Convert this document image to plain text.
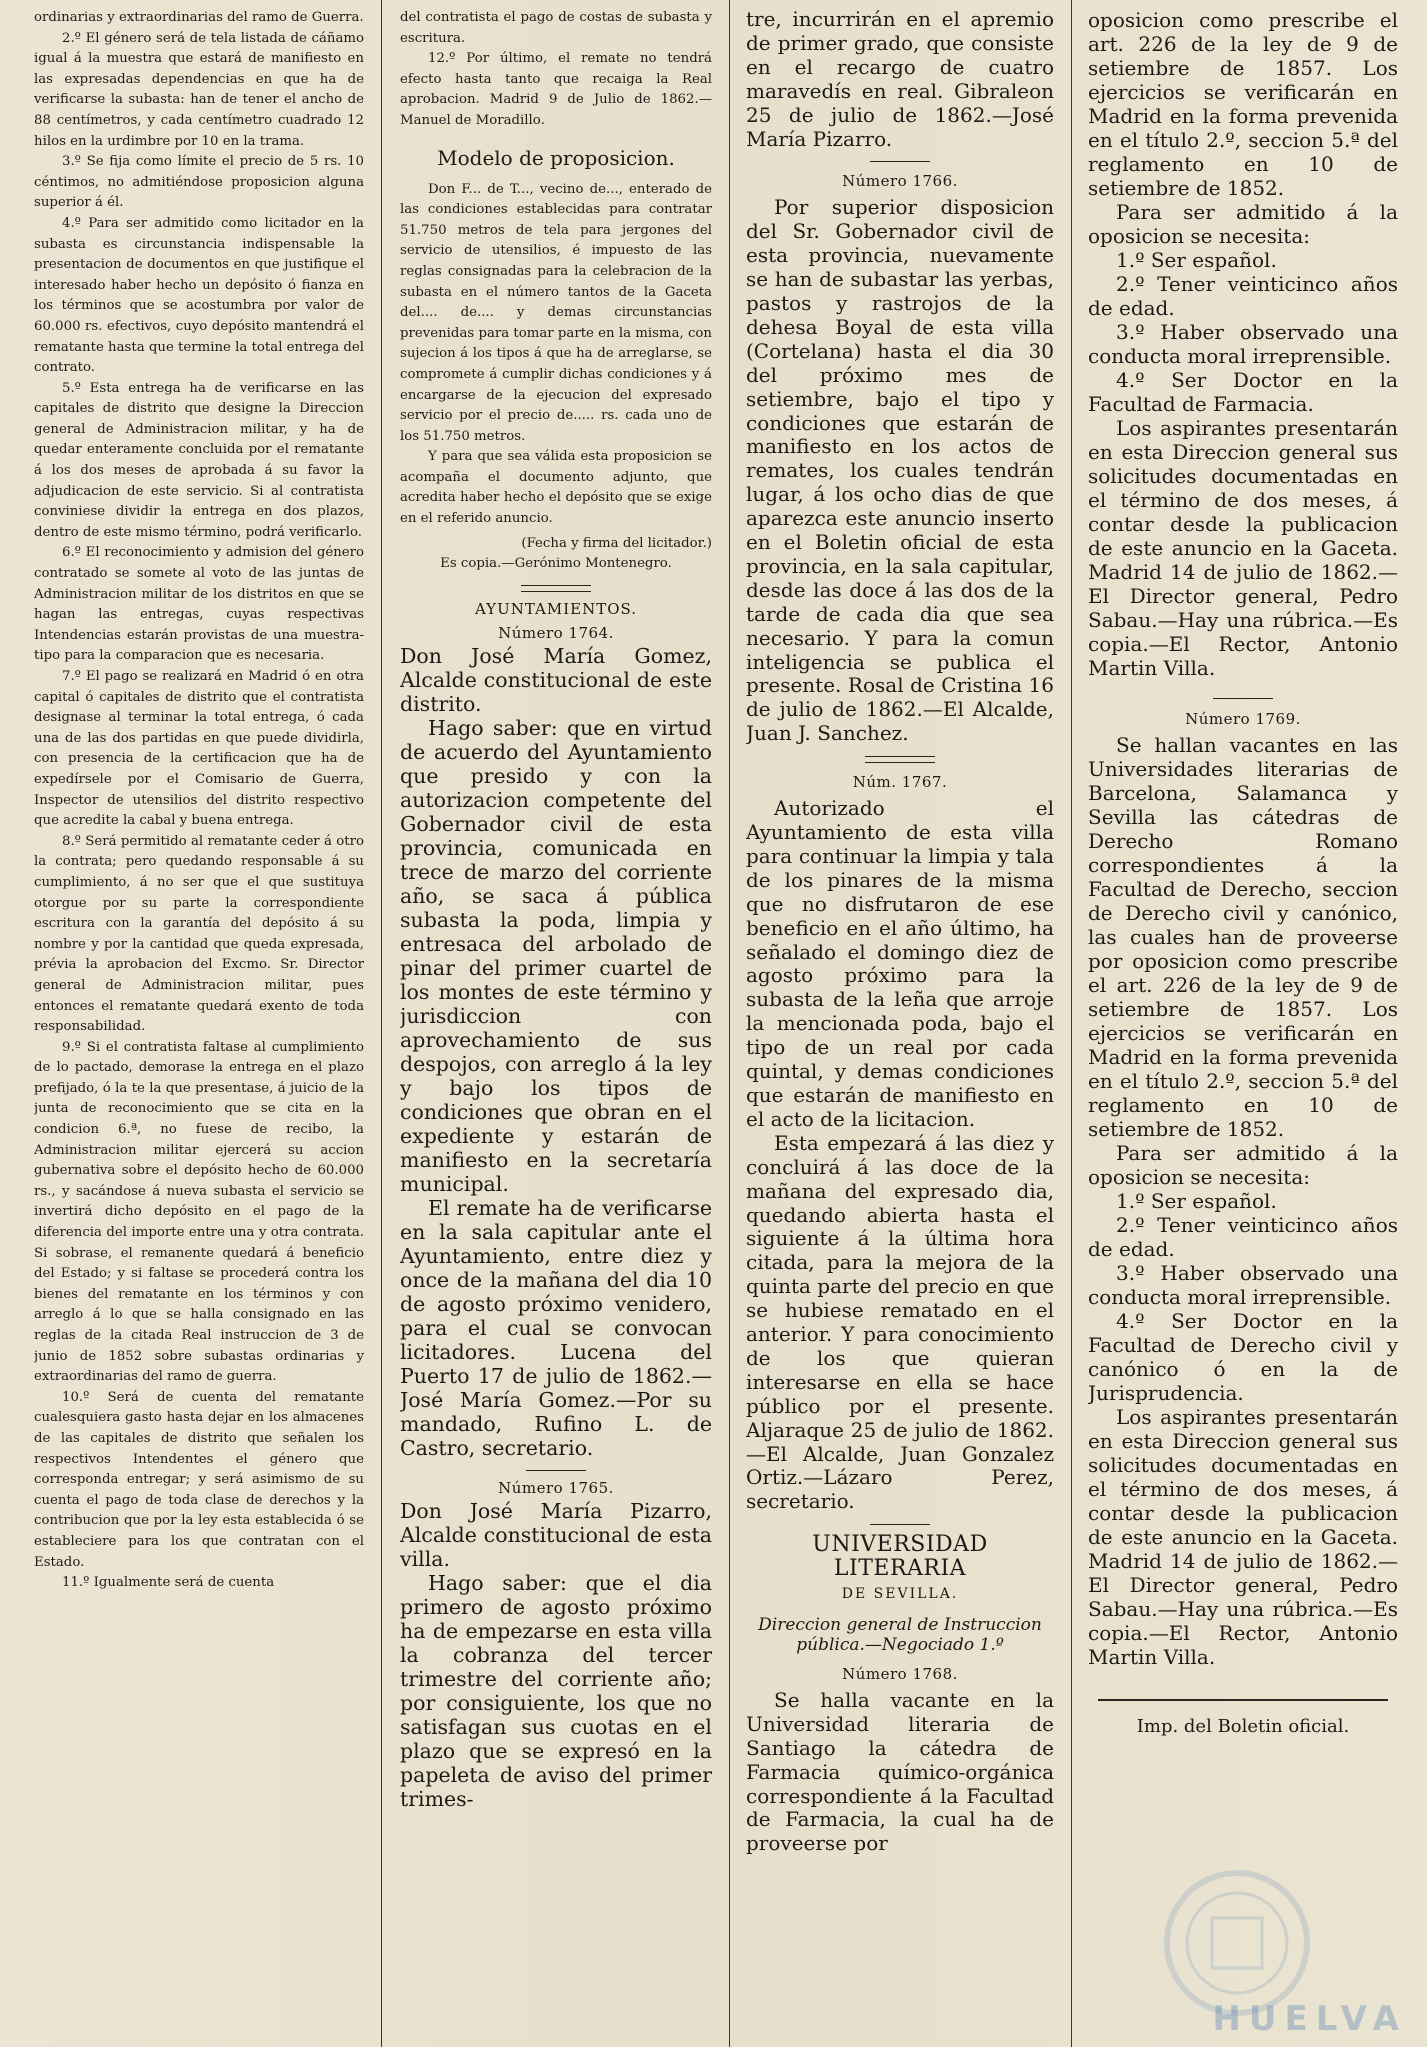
ordinarias y extraordinarias del ramo de Guerra.

2.º El género será de tela listada de cáñamo igual á la muestra que estará de manifiesto en las expresadas dependencias en que ha de verificarse la subasta: han de tener el ancho de 88 centímetros, y cada centímetro cuadrado 12 hilos en la urdimbre por 10 en la trama.

3.º Se fija como límite el precio de 5 rs. 10 céntimos, no admitiéndose proposicion alguna superior á él.

4.º Para ser admitido como licitador en la subasta es circunstancia indispensable la presentacion de documentos en que justifique el interesado haber hecho un depósito ó fianza en los términos que se acostumbra por valor de 60.000 rs. efectivos, cuyo depósito mantendrá el rematante hasta que termine la total entrega del contrato.

5.º Esta entrega ha de verificarse en las capitales de distrito que designe la Direccion general de Administracion militar, y ha de quedar enteramente concluida por el rematante á los dos meses de aprobada á su favor la adjudicacion de este servicio. Si al contratista conviniese dividir la entrega en dos plazos, dentro de este mismo término, podrá verificarlo.

6.º El reconocimiento y admision del género contratado se somete al voto de las juntas de Administracion militar de los distritos en que se hagan las entregas, cuyas respectivas Intendencias estarán provistas de una muestra-tipo para la comparacion que es necesaria.

7.º El pago se realizará en Madrid ó en otra capital ó capitales de distrito que el contratista designase al terminar la total entrega, ó cada una de las dos partidas en que puede dividirla, con presencia de la certificacion que ha de expedírsele por el Comisario de Guerra, Inspector de utensilios del distrito respectivo que acredite la cabal y buena entrega.

8.º Será permitido al rematante ceder á otro la contrata; pero quedando responsable á su cumplimiento, á no ser que el que sustituya otorgue por su parte la correspondiente escritura con la garantía del depósito á su nombre y por la cantidad que queda expresada, prévia la aprobacion del Excmo. Sr. Director general de Administracion militar, pues entonces el rematante quedará exento de toda responsabilidad.

9.º Si el contratista faltase al cumplimiento de lo pactado, demorase la entrega en el plazo prefijado, ó la te la que presentase, á juicio de la junta de reconocimiento que se cita en la condicion 6.ª, no fuese de recibo, la Administracion militar ejercerá su accion gubernativa sobre el depósito hecho de 60.000 rs., y sacándose á nueva subasta el servicio se invertirá dicho depósito en el pago de la diferencia del importe entre una y otra contrata. Si sobrase, el remanente quedará á beneficio del Estado; y si faltase se procederá contra los bienes del rematante en los términos y con arreglo á lo que se halla consignado en las reglas de la citada Real instruccion de 3 de junio de 1852 sobre subastas ordinarias y extraordinarias del ramo de guerra.

10.º Será de cuenta del rematante cualesquiera gasto hasta dejar en los almacenes de las capitales de distrito que señalen los respectivos Intendentes el género que corresponda entregar; y será asimismo de su cuenta el pago de toda clase de derechos y la contribucion que por la ley esta establecida ó se estableciere para los que contratan con el Estado.

11.º Igualmente será de cuenta

del contratista el pago de costas de subasta y escritura.

12.º Por último, el remate no tendrá efecto hasta tanto que recaiga la Real aprobacion. Madrid 9 de Julio de 1862.—Manuel de Moradillo.

Modelo de proposicion.

Don F... de T..., vecino de..., enterado de las condiciones establecidas para contratar 51.750 metros de tela para jergones del servicio de utensilios, é impuesto de las reglas consignadas para la celebracion de la subasta en el número tantos de la Gaceta del.... de.... y demas circunstancias prevenidas para tomar parte en la misma, con sujecion á los tipos á que ha de arreglarse, se compromete á cumplir dichas condiciones y á encargarse de la ejecucion del expresado servicio por el precio de..... rs. cada uno de los 51.750 metros.

Y para que sea válida esta proposicion se acompaña el documento adjunto, que acredita haber hecho el depósito que se exige en el referido anuncio.

(Fecha y firma del licitador.)

Es copia.—Gerónimo Montenegro.

AYUNTAMIENTOS.
Número 1764.

Don José María Gomez, Alcalde constitucional de este distrito.

Hago saber: que en virtud de acuerdo del Ayuntamiento que presido y con la autorizacion competente del Gobernador civil de esta provincia, comunicada en trece de marzo del corriente año, se saca á pública subasta la poda, limpia y entresaca del arbolado de pinar del primer cuartel de los montes de este término y jurisdiccion con aprovechamiento de sus despojos, con arreglo á la ley y bajo los tipos de condiciones que obran en el expediente y estarán de manifiesto en la secretaría municipal.

El remate ha de verificarse en la sala capitular ante el Ayuntamiento, entre diez y once de la mañana del dia 10 de agosto próximo venidero, para el cual se convocan licitadores. Lucena del Puerto 17 de julio de 1862.—José María Gomez.—Por su mandado, Rufino L. de Castro, secretario.

Número 1765.

Don José María Pizarro, Alcalde constitucional de esta villa.

Hago saber: que el dia primero de agosto próximo ha de empezarse en esta villa la cobranza del tercer trimestre del corriente año; por consiguiente, los que no satisfagan sus cuotas en el plazo que se expresó en la papeleta de aviso del primer trimes-

tre, incurrirán en el apremio de primer grado, que consiste en el recargo de cuatro maravedís en real. Gibraleon 25 de julio de 1862.—José María Pizarro.

Número 1766.

Por superior disposicion del Sr. Gobernador civil de esta provincia, nuevamente se han de subastar las yerbas, pastos y rastrojos de la dehesa Boyal de esta villa (Cortelana) hasta el dia 30 del próximo mes de setiembre, bajo el tipo y condiciones que estarán de manifiesto en los actos de remates, los cuales tendrán lugar, á los ocho dias de que aparezca este anuncio inserto en el Boletin oficial de esta provincia, en la sala capitular, desde las doce á las dos de la tarde de cada dia que sea necesario. Y para la comun inteligencia se publica el presente. Rosal de Cristina 16 de julio de 1862.—El Alcalde, Juan J. Sanchez.

Núm. 1767.

Autorizado el Ayuntamiento de esta villa para continuar la limpia y tala de los pinares de la misma que no disfrutaron de ese beneficio en el año último, ha señalado el domingo diez de agosto próximo para la subasta de la leña que arroje la mencionada poda, bajo el tipo de un real por cada quintal, y demas condiciones que estarán de manifiesto en el acto de la licitacion.

Esta empezará á las diez y concluirá á las doce de la mañana del expresado dia, quedando abierta hasta el siguiente á la última hora citada, para la mejora de la quinta parte del precio en que se hubiese rematado en el anterior. Y para conocimiento de los que quieran interesarse en ella se hace público por el presente. Aljaraque 25 de julio de 1862.—El Alcalde, Juan Gonzalez Ortiz.—Lázaro Perez, secretario.

UNIVERSIDAD LITERARIA
DE SEVILLA.
Direccion general de Instruccion pública.—Negociado 1.º
Número 1768.

Se halla vacante en la Universidad literaria de Santiago la cátedra de Farmacia químico-orgánica correspondiente á la Facultad de Farmacia, la cual ha de proveerse por

oposicion como prescribe el art. 226 de la ley de 9 de setiembre de 1857. Los ejercicios se verificarán en Madrid en la forma prevenida en el título 2.º, seccion 5.ª del reglamento en 10 de setiembre de 1852.

Para ser admitido á la oposicion se necesita:

1.º Ser español.

2.º Tener veinticinco años de edad.

3.º Haber observado una conducta moral irreprensible.

4.º Ser Doctor en la Facultad de Farmacia.

Los aspirantes presentarán en esta Direccion general sus solicitudes documentadas en el término de dos meses, á contar desde la publicacion de este anuncio en la Gaceta. Madrid 14 de julio de 1862.—El Director general, Pedro Sabau.—Hay una rúbrica.—Es copia.—El Rector, Antonio Martin Villa.

Número 1769.

Se hallan vacantes en las Universidades literarias de Barcelona, Salamanca y Sevilla las cátedras de Derecho Romano correspondientes á la Facultad de Derecho, seccion de Derecho civil y canónico, las cuales han de proveerse por oposicion como prescribe el art. 226 de la ley de 9 de setiembre de 1857. Los ejercicios se verificarán en Madrid en la forma prevenida en el título 2.º, seccion 5.ª del reglamento en 10 de setiembre de 1852.

Para ser admitido á la oposicion se necesita:

1.º Ser español.

2.º Tener veinticinco años de edad.

3.º Haber observado una conducta moral irreprensible.

4.º Ser Doctor en la Facultad de Derecho civil y canónico ó en la de Jurisprudencia.

Los aspirantes presentarán en esta Direccion general sus solicitudes documentadas en el término de dos meses, á contar desde la publicacion de este anuncio en la Gaceta. Madrid 14 de julio de 1862.—El Director general, Pedro Sabau.—Hay una rúbrica.—Es copia.—El Rector, Antonio Martin Villa.

Imp. del Boletin oficial.

HUELVA
